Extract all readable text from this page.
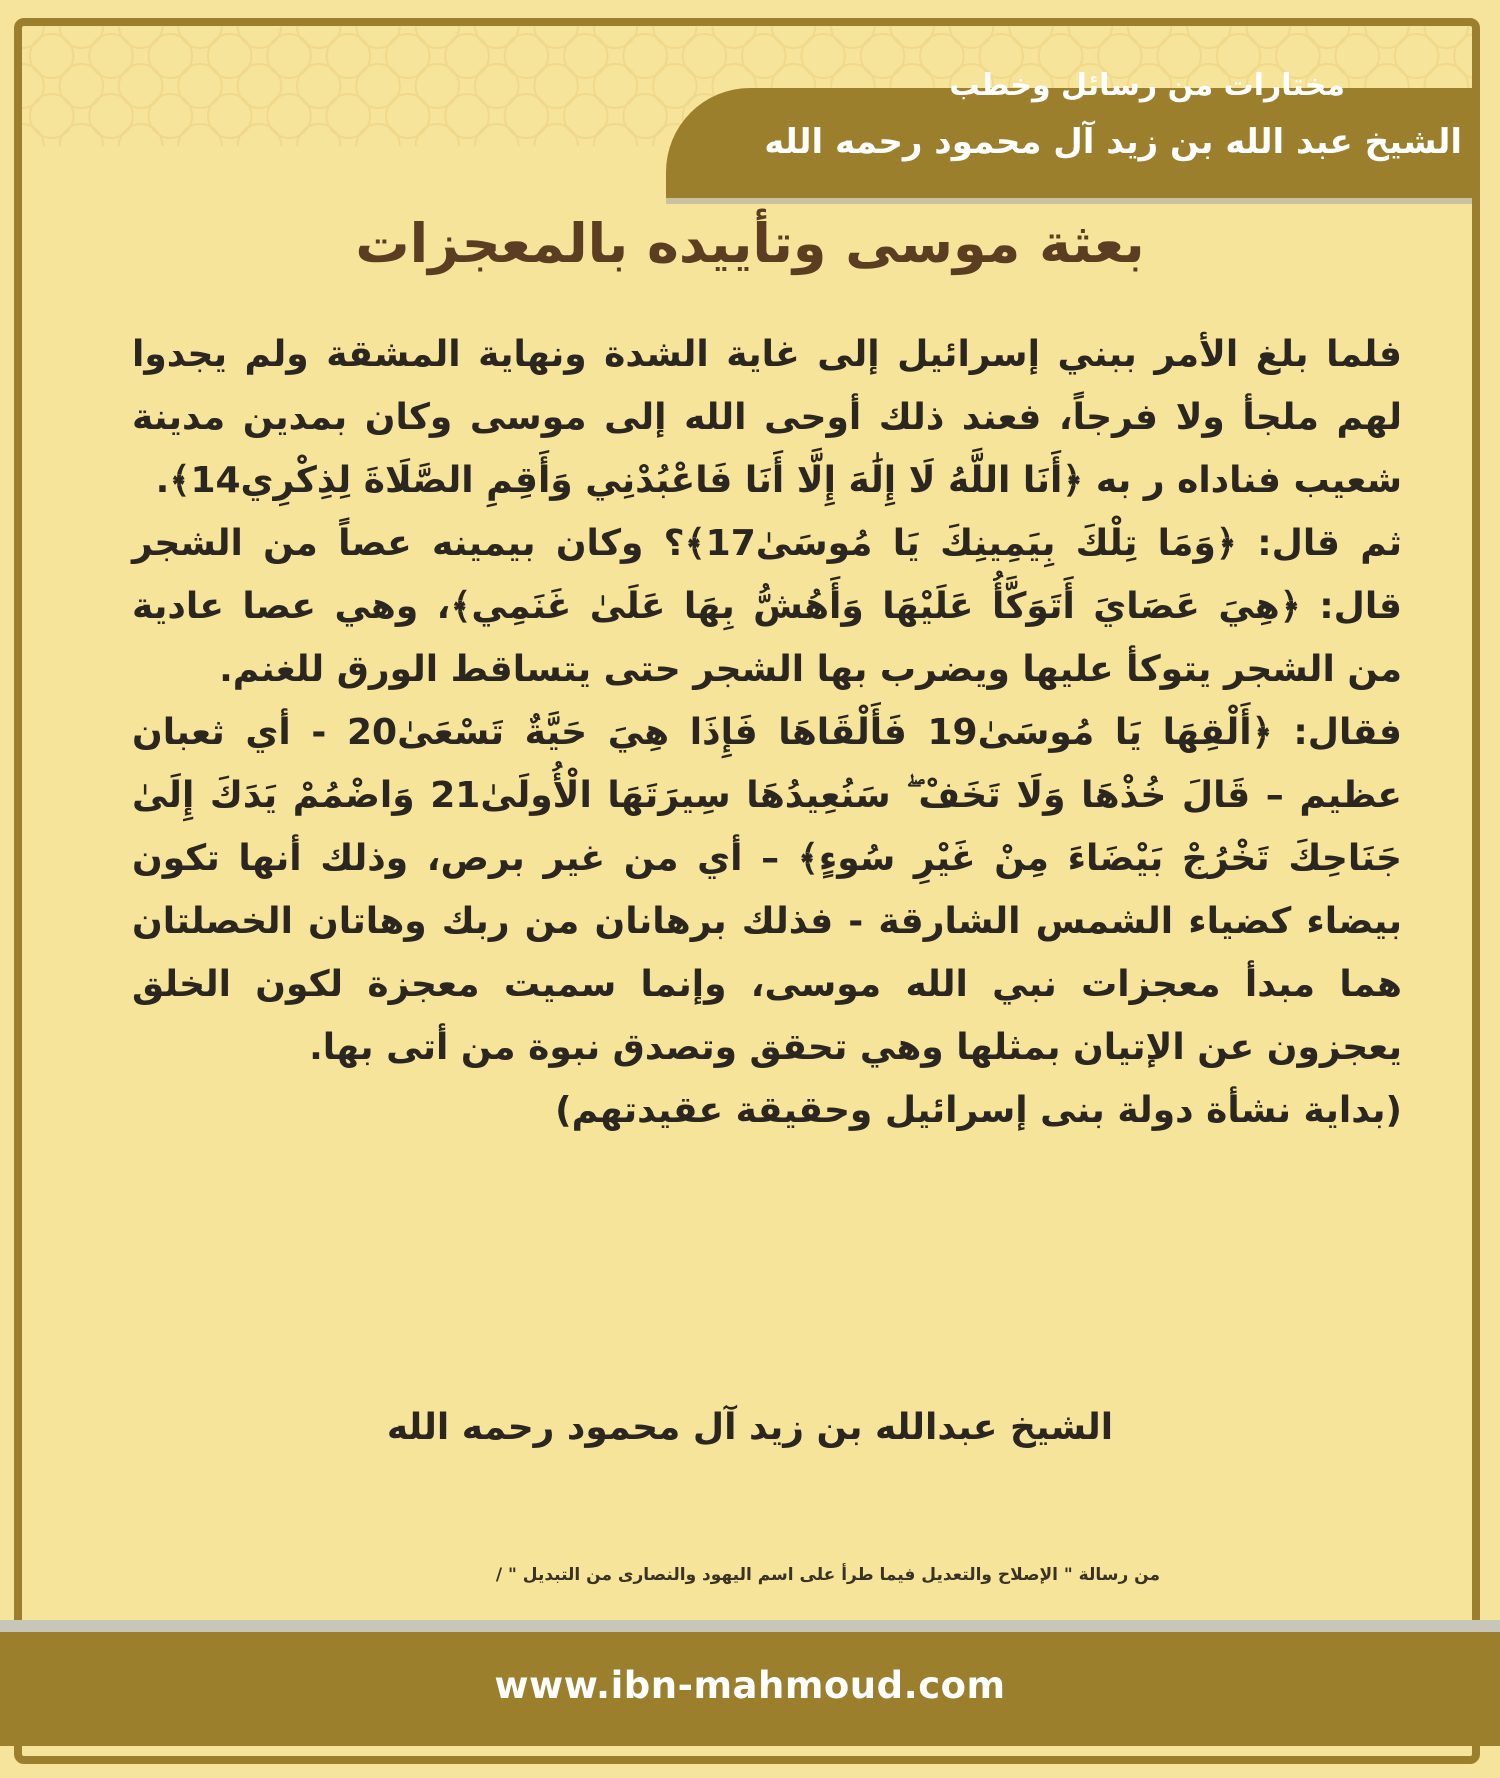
مختارات من رسائل وخطب
الشيخ عبد الله بن زيد آل محمود رحمه الله
بعثة موسى وتأييده بالمعجزات

فلما بلغ الأمر ببني إسرائيل إلى غاية الشدة ونهاية المشقة ولم يجدوا لهم ملجأ ولا فرجاً، فعند ذلك أوحى الله إلى موسى وكان بمدين مدينة شعيب فناداه ر به ﴿أَنَا اللَّهُ لَا إِلَٰهَ إِلَّا أَنَا فَاعْبُدْنِي وَأَقِمِ الصَّلَاةَ لِذِكْرِي14﴾.

ثم قال: ﴿وَمَا تِلْكَ بِيَمِينِكَ يَا مُوسَىٰ17﴾؟ وكان بيمينه عصاً من الشجر قال: ﴿هِيَ عَصَايَ أَتَوَكَّأُ عَلَيْهَا وَأَهُشُّ بِهَا عَلَىٰ غَنَمِي﴾، وهي عصا عادية من الشجر يتوكأ عليها ويضرب بها الشجر حتى يتساقط الورق للغنم.

فقال: ﴿أَلْقِهَا يَا مُوسَىٰ19 فَأَلْقَاهَا فَإِذَا هِيَ حَيَّةٌ تَسْعَىٰ20 - أي ثعبان عظيم – قَالَ خُذْهَا وَلَا تَخَفْ ۖ سَنُعِيدُهَا سِيرَتَهَا الْأُولَىٰ21 وَاضْمُمْ يَدَكَ إِلَىٰ جَنَاحِكَ تَخْرُجْ بَيْضَاءَ مِنْ غَيْرِ سُوءٍ﴾ – أي من غير برص، وذلك أنها تكون بيضاء كضياء الشمس الشارقة - فذلك برهانان من ربك وهاتان الخصلتان هما مبدأ معجزات نبي الله موسى، وإنما سميت معجزة لكون الخلق يعجزون عن الإتيان بمثلها وهي تحقق وتصدق نبوة من أتى بها.

(بداية نشأة دولة بنى إسرائيل وحقيقة عقيدتهم)

الشيخ عبدالله بن زيد آل محمود رحمه الله
من رسالة " الإصلاح والتعديل فيما طرأ على اسم اليهود والنصارى من التبديل " /
www.ibn-mahmoud.com
